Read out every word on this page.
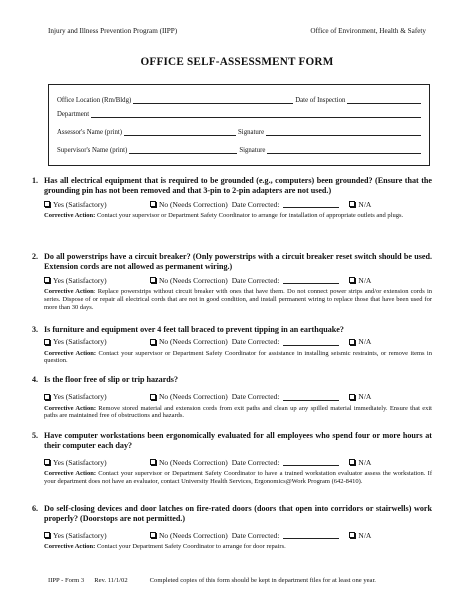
Injury and Illness Prevention Program (IIPP)	Office of Environment, Health & Safety
OFFICE SELF-ASSESSMENT FORM
Office Location (Rm/Bldg)	Date of Inspection
Department
Assessor's Name (print)	Signature
Supervisor's Name (print)	Signature
1. Has all electrical equipment that is required to be grounded (e.g., computers) been grounded? (Ensure that the grounding pin has not been removed and that 3-pin to 2-pin adapters are not used.)
Yes (Satisfactory)	No (Needs Correction) Date Corrected:	N/A
Corrective Action: Contact your supervisor or Department Safety Coordinator to arrange for installation of appropriate outlets and plugs.
2. Do all powerstrips have a circuit breaker? (Only powerstrips with a circuit breaker reset switch should be used. Extension cords are not allowed as permanent wiring.)
Yes (Satisfactory)	No (Needs Correction) Date Corrected:	N/A
Corrective Action: Replace powerstrips without circuit breaker with ones that have them. Do not connect power strips and/or extension cords in series. Dispose of or repair all electrical cords that are not in good condition, and install permanent wiring to replace those that have been used for more than 30 days.
3. Is furniture and equipment over 4 feet tall braced to prevent tipping in an earthquake?
Yes (Satisfactory)	No (Needs Correction) Date Corrected:	N/A
Corrective Action: Contact your supervisor or Department Safety Coordinator for assistance in installing seismic restraints, or remove items in question.
4. Is the floor free of slip or trip hazards?
Yes (Satisfactory)	No (Needs Correction) Date Corrected:	N/A
Corrective Action: Remove stored material and extension cords from exit paths and clean up any spilled material immediately. Ensure that exit paths are maintained free of obstructions and hazards.
5. Have computer workstations been ergonomically evaluated for all employees who spend four or more hours at their computer each day?
Yes (Satisfactory)	No (Needs Correction) Date Corrected:	N/A
Corrective Action: Contact your supervisor or Department Safety Coordinator to have a trained workstation evaluator assess the workstation. If your department does not have an evaluator, contact University Health Services, Ergonomics@Work Program (642-8410).
6. Do self-closing devices and door latches on fire-rated doors (doors that open into corridors or stairwells) work properly? (Doorstops are not permitted.)
Yes (Satisfactory)	No (Needs Correction) Date Corrected:	N/A
Corrective Action: Contact your Department Safety Coordinator to arrange for door repairs.
IIPP - Form 3 Rev. 11/1/02	Completed copies of this form should be kept in department files for at least one year.
